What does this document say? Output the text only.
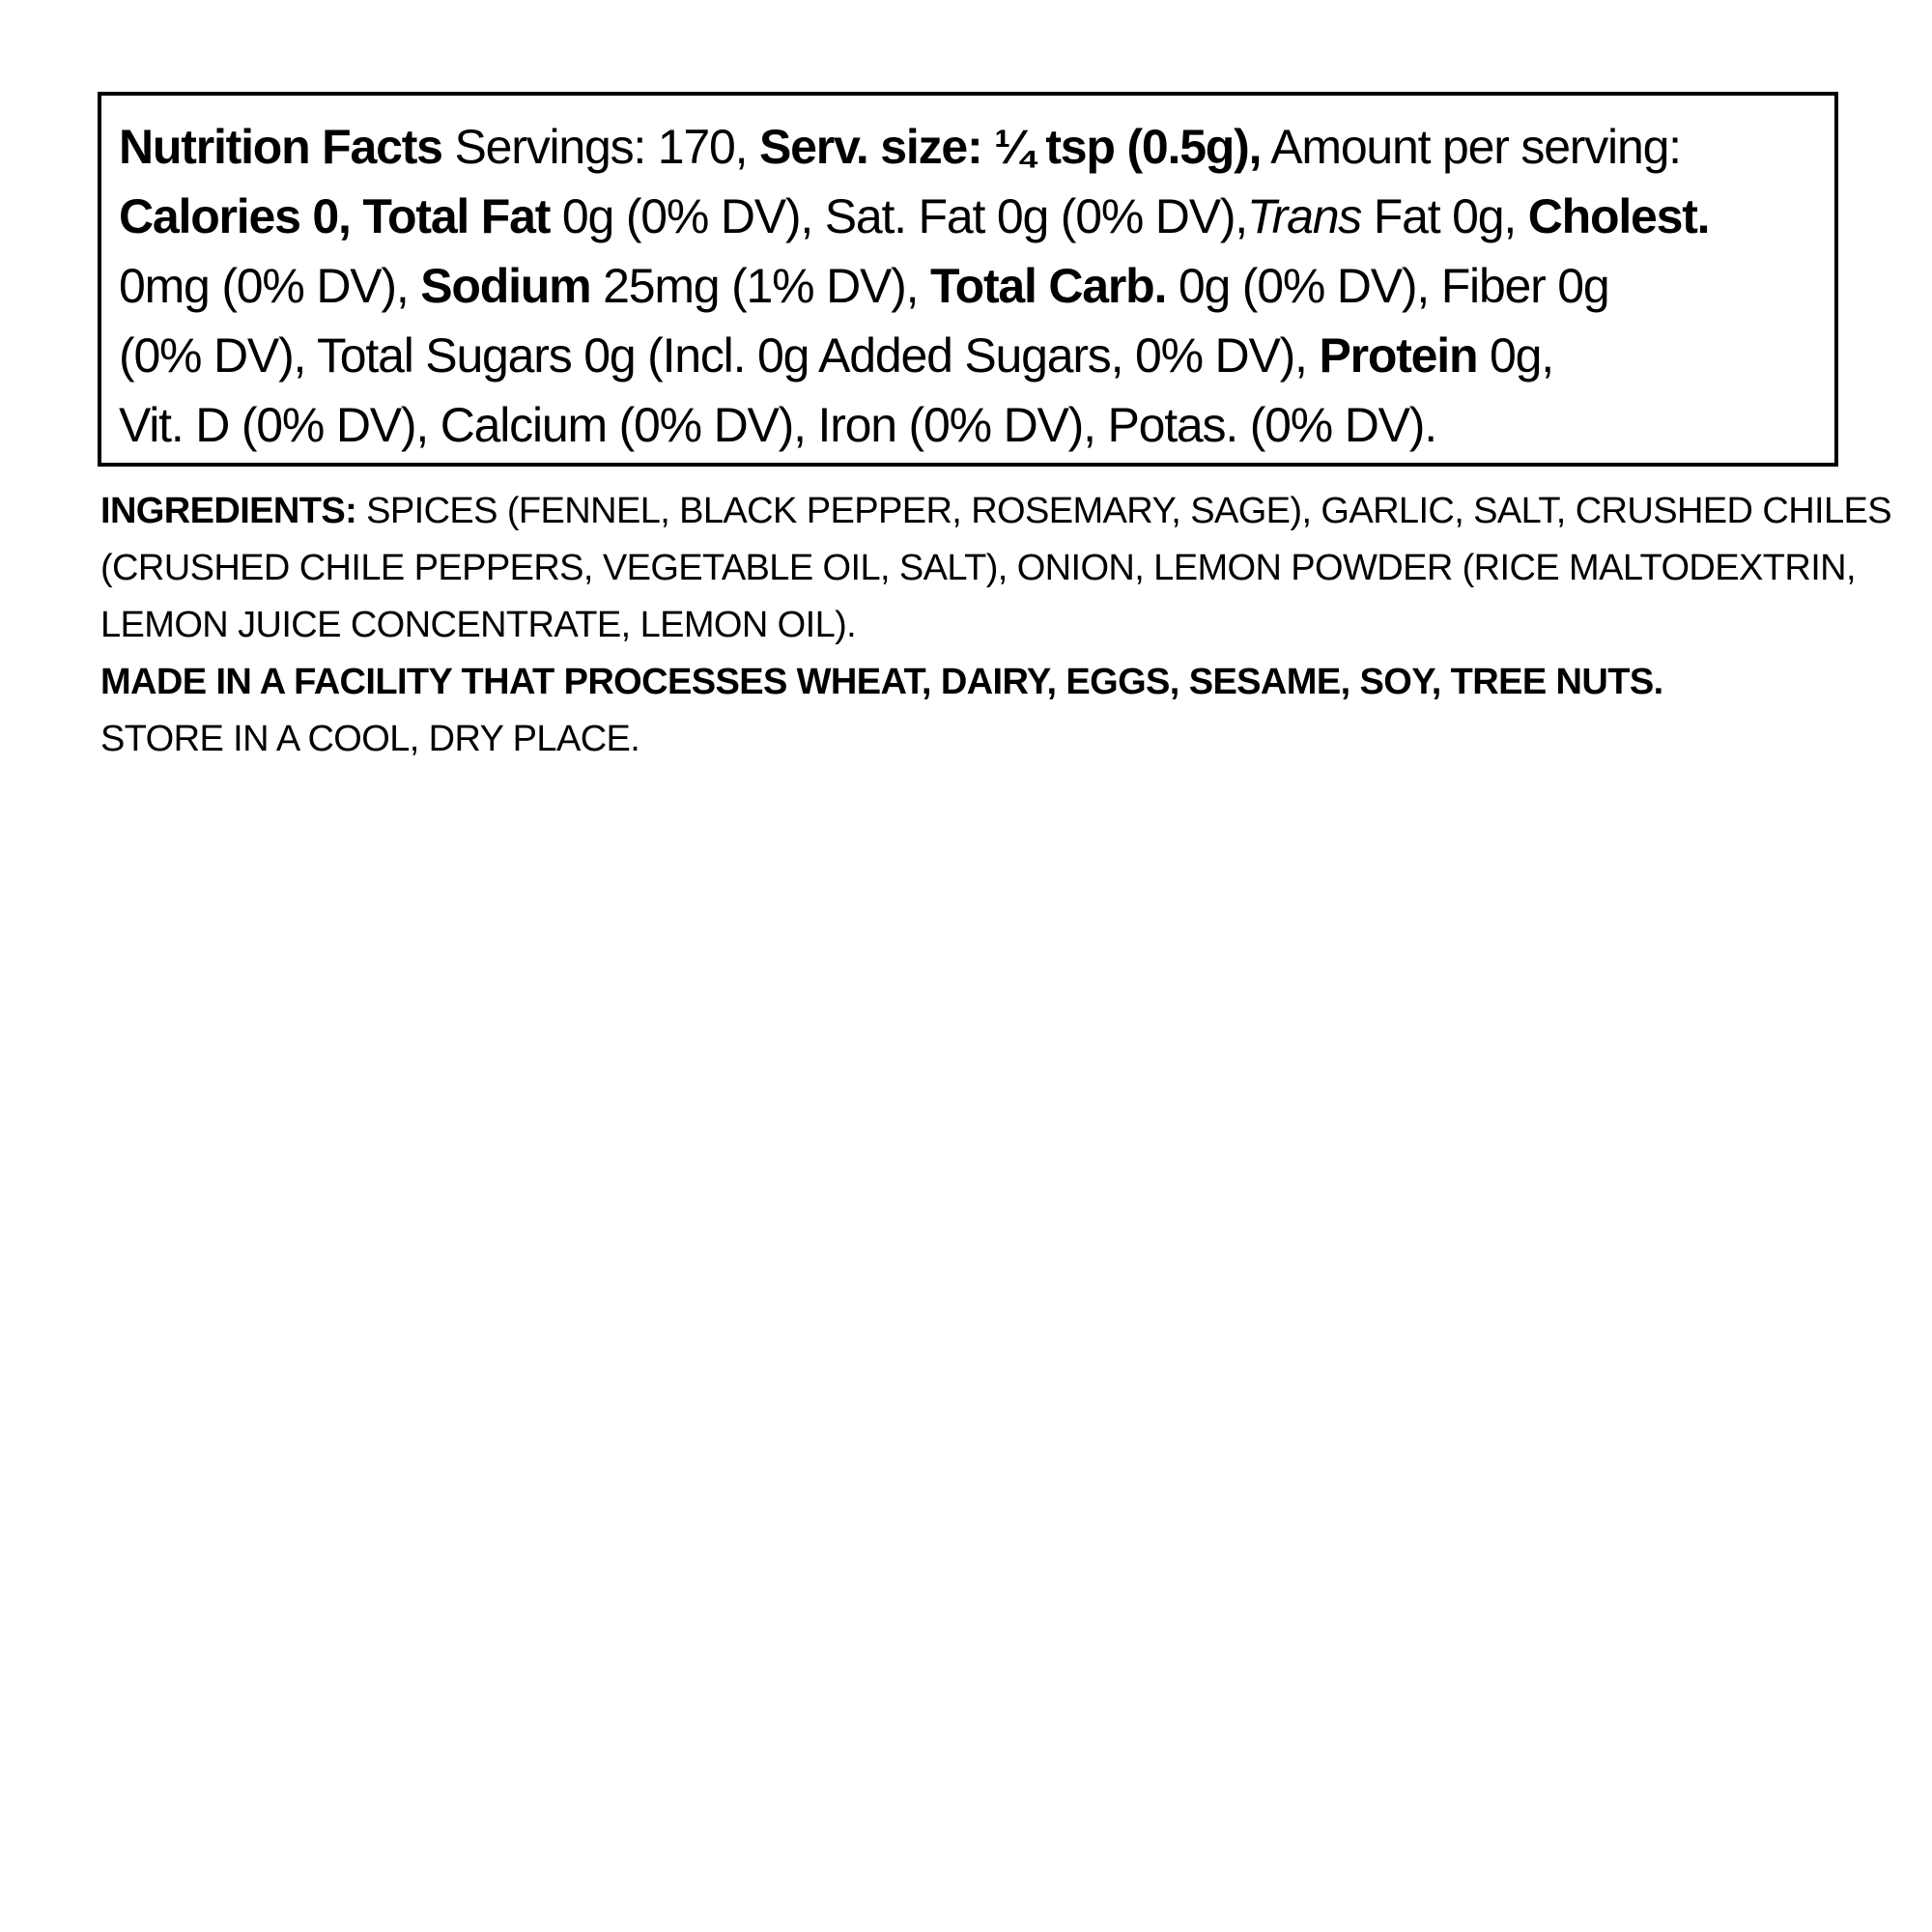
Nutrition Facts Servings: 170, Serv. size: ¼ tsp (0.5g), Amount per serving:
Calories 0, Total Fat 0g (0% DV), Sat. Fat 0g (0% DV),Trans Fat 0g, Cholest.
0mg (0% DV), Sodium 25mg (1% DV), Total Carb. 0g (0% DV), Fiber 0g
(0% DV), Total Sugars 0g (Incl. 0g Added Sugars, 0% DV), Protein 0g,
Vit. D (0% DV), Calcium (0% DV), Iron (0% DV), Potas. (0% DV).
INGREDIENTS: SPICES (FENNEL, BLACK PEPPER, ROSEMARY, SAGE), GARLIC, SALT, CRUSHED CHILES
(CRUSHED CHILE PEPPERS, VEGETABLE OIL, SALT), ONION, LEMON POWDER (RICE MALTODEXTRIN,
LEMON JUICE CONCENTRATE, LEMON OIL).
MADE IN A FACILITY THAT PROCESSES WHEAT, DAIRY, EGGS, SESAME, SOY, TREE NUTS.
STORE IN A COOL, DRY PLACE.
